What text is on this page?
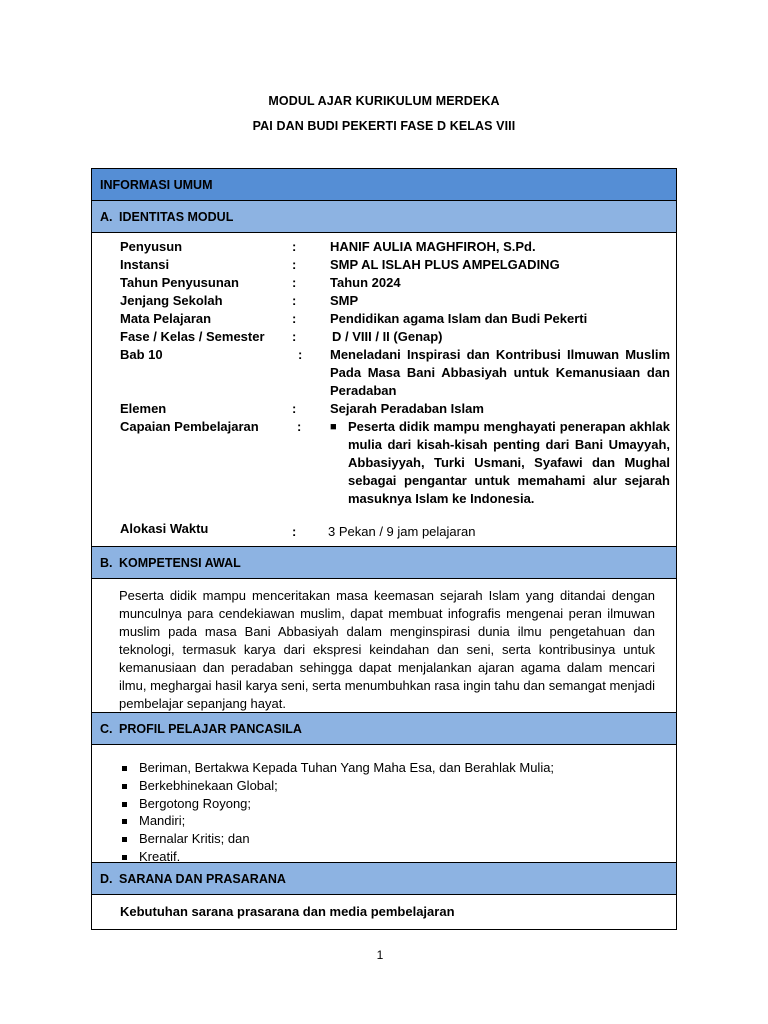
MODUL AJAR KURIKULUM MERDEKA
PAI DAN BUDI PEKERTI FASE D KELAS VIII
INFORMASI UMUM
A. IDENTITAS MODUL
Penyusun	:	HANIF AULIA MAGHFIROH, S.Pd.
Instansi	:	SMP AL ISLAH PLUS AMPELGADING
Tahun Penyusunan	:	Tahun 2024
Jenjang Sekolah	:	SMP
Mata Pelajaran	:	Pendidikan agama Islam dan Budi Pekerti
Fase / Kelas / Semester	:	D / VIII / II (Genap)
Bab 10	: Meneladani Inspirasi dan Kontribusi Ilmuwan Muslim Pada Masa Bani Abbasiyah untuk Kemanusiaan dan Peradaban
Elemen	:	Sejarah Peradaban Islam
Capaian Pembelajaran	:	■ Peserta didik mampu menghayati penerapan akhlak mulia dari kisah-kisah penting dari Bani Umayyah, Abbasiyyah, Turki Usmani, Syafawi dan Mughal sebagai pengantar untuk memahami alur sejarah masuknya Islam ke Indonesia.
Alokasi Waktu	: 3 Pekan / 9 jam pelajaran
B. KOMPETENSI AWAL
Peserta didik mampu menceritakan masa keemasan sejarah Islam yang ditandai dengan munculnya para cendekiawan muslim, dapat membuat infografis mengenai peran ilmuwan muslim pada masa Bani Abbasiyah dalam menginspirasi dunia ilmu pengetahuan dan teknologi, termasuk karya dari ekspresi keindahan dan seni, serta kontribusinya untuk kemanusiaan dan peradaban sehingga dapat menjalankan ajaran agama dalam mencari ilmu, meghargai hasil karya seni, serta menumbuhkan rasa ingin tahu dan semangat menjadi pembelajar sepanjang hayat.
C. PROFIL PELAJAR PANCASILA
Beriman, Bertakwa Kepada Tuhan Yang Maha Esa, dan Berahlak Mulia;
Berkebhinekaan Global;
Bergotong Royong;
Mandiri;
Bernalar Kritis; dan
Kreatif.
D. SARANA DAN PRASARANA
Kebutuhan sarana prasarana dan media pembelajaran
1
